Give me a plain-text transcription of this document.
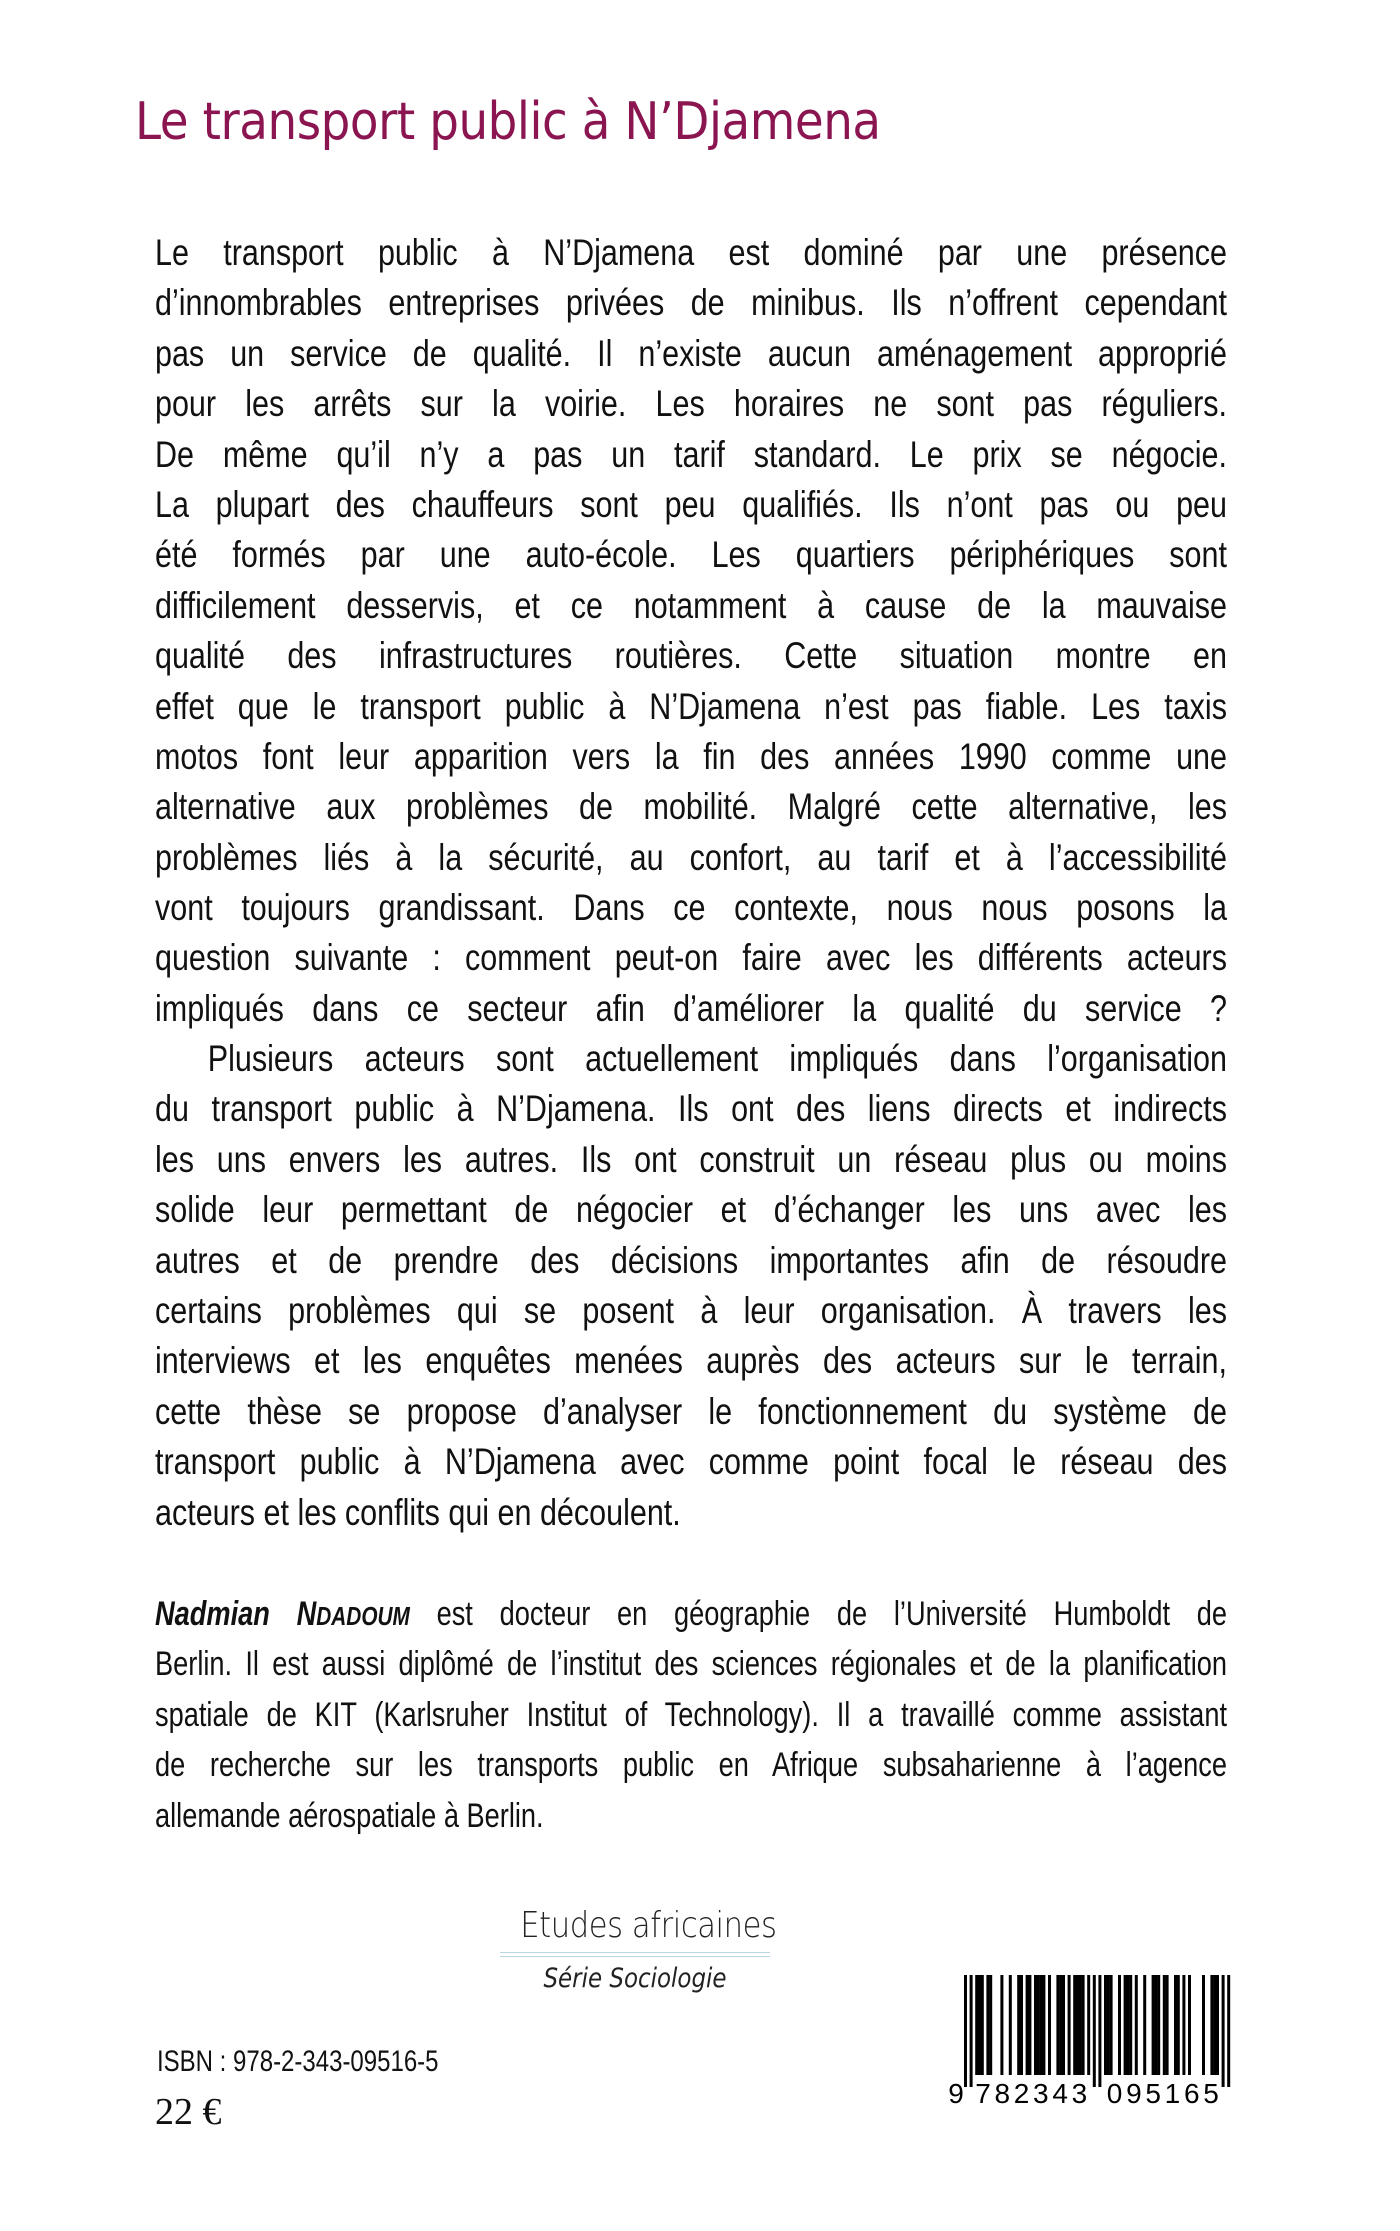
Le transport public à N’Djamena
Le transport public à N’Djamena est dominé par une présence
d’innombrables entreprises privées de minibus. Ils n’offrent cependant
pas un service de qualité. Il n’existe aucun aménagement approprié
pour les arrêts sur la voirie. Les horaires ne sont pas réguliers.
De même qu’il n’y a pas un tarif standard. Le prix se négocie.
La plupart des chauffeurs sont peu qualifiés. Ils n’ont pas ou peu
été formés par une auto-école. Les quartiers périphériques sont
difficilement desservis, et ce notamment à cause de la mauvaise
qualité des infrastructures routières. Cette situation montre en
effet que le transport public à N’Djamena n’est pas fiable. Les taxis
motos font leur apparition vers la fin des années 1990 comme une
alternative aux problèmes de mobilité. Malgré cette alternative, les
problèmes liés à la sécurité, au confort, au tarif et à l’accessibilité
vont toujours grandissant. Dans ce contexte, nous nous posons la
question suivante : comment peut-on faire avec les différents acteurs
impliqués dans ce secteur afin d’améliorer la qualité du service ?
Plusieurs acteurs sont actuellement impliqués dans l’organisation
du transport public à N’Djamena. Ils ont des liens directs et indirects
les uns envers les autres. Ils ont construit un réseau plus ou moins
solide leur permettant de négocier et d’échanger les uns avec les
autres et de prendre des décisions importantes afin de résoudre
certains problèmes qui se posent à leur organisation. À travers les
interviews et les enquêtes menées auprès des acteurs sur le terrain,
cette thèse se propose d’analyser le fonctionnement du système de
transport public à N’Djamena avec comme point focal le réseau des
acteurs et les conflits qui en découlent.
Nadmian NDADOUM est docteur en géographie de l’Université Humboldt de
Berlin. Il est aussi diplômé de l’institut des sciences régionales et de la planification
spatiale de KIT (Karlsruher Institut of Technology). Il a travaillé comme assistant
de recherche sur les transports public en Afrique subsaharienne à l’agence
allemande aérospatiale à Berlin.
Etudes africaines
Série Sociologie
ISBN : 978-2-343-09516-5
22 €	9 782343 095165
